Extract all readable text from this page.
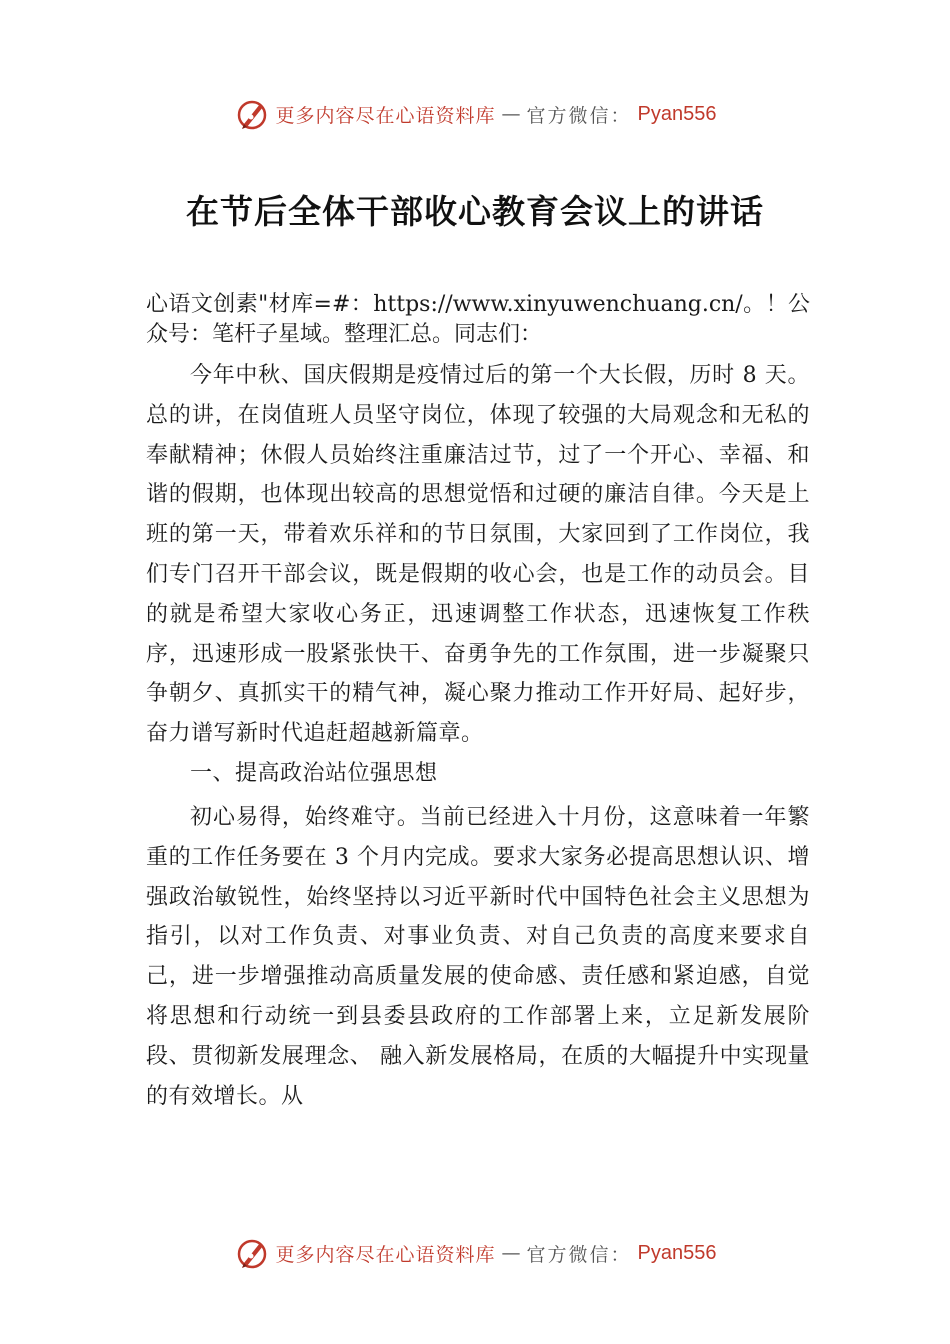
更多内容尽在心语资料库 — 官方微信： Pyan556
在节后全体干部收心教育会议上的讲话

心语文创素"材库=#：https://www.xinyuwenchuang.cn/。！公众号：笔杆子星域。整理汇总。同志们：

今年中秋、国庆假期是疫情过后的第一个大长假，历时 8 天。总的讲，在岗值班人员坚守岗位，体现了较强的大局观念和无私的奉献精神；休假人员始终注重廉洁过节，过了一个开心、幸福、和谐的假期，也体现出较高的思想觉悟和过硬的廉洁自律。今天是上班的第一天，带着欢乐祥和的节日氛围，大家回到了工作岗位，我们专门召开干部会议，既是假期的收心会，也是工作的动员会。目的就是希望大家收心务正，迅速调整工作状态，迅速恢复工作秩序，迅速形成一股紧张快干、奋勇争先的工作氛围，进一步凝聚只争朝夕、真抓实干的精气神，凝心聚力推动工作开好局、起好步，奋力谱写新时代追赶超越新篇章。

一、提高政治站位强思想

初心易得，始终难守。当前已经进入十月份，这意味着一年繁重的工作任务要在 3 个月内完成。要求大家务必提高思想认识、增强政治敏锐性，始终坚持以习近平新时代中国特色社会主义思想为指引，以对工作负责、对事业负责、对自己负责的高度来要求自己，进一步增强推动高质量发展的使命感、责任感和紧迫感，自觉将思想和行动统一到县委县政府的工作部署上来，立足新发展阶段、贯彻新发展理念、 融入新发展格局，在质的大幅提升中实现量的有效增长。从

更多内容尽在心语资料库 — 官方微信： Pyan556
